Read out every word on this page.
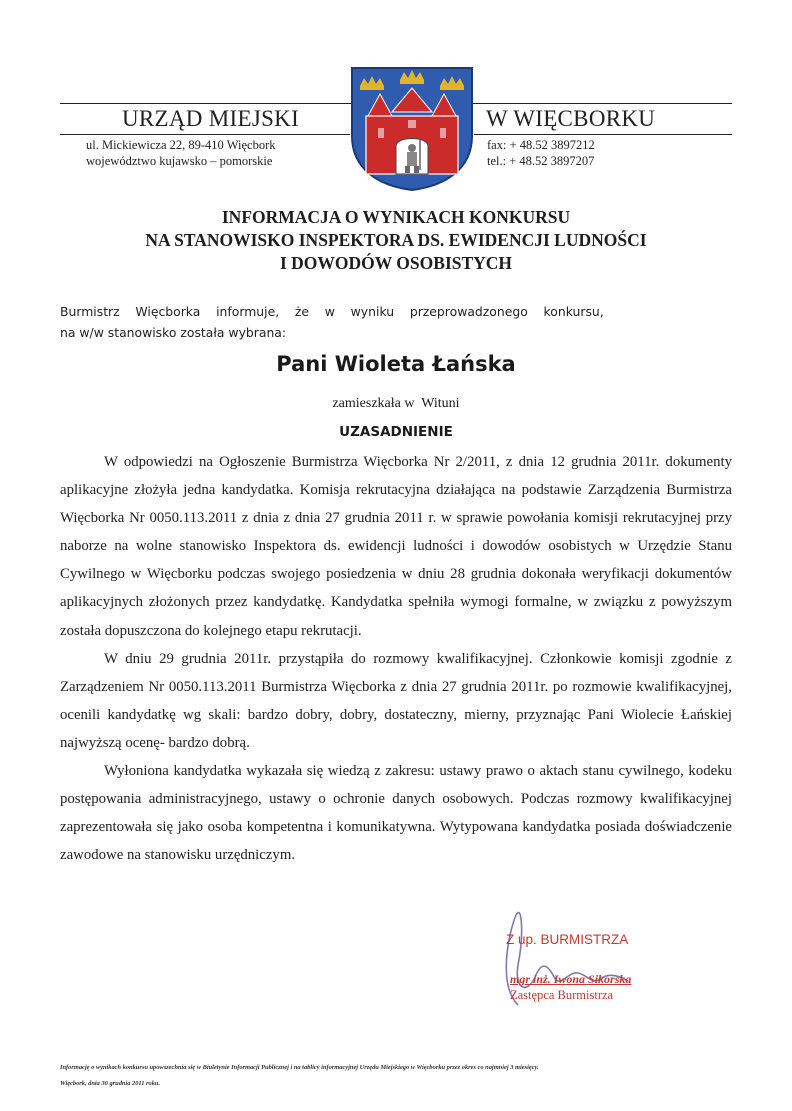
URZĄD MIEJSKI	W WIĘCBORKU
ul. Mickiewicza 22, 89-410 Więcbork
województwo kujawsko – pomorskie
fax: + 48.52 3897212
tel.: + 48.52 3897207
INFORMACJA O WYNIKACH KONKURSU
NA STANOWISKO INSPEKTORA DS. EWIDENCJI LUDNOŚCI
I DOWODÓW OSOBISTYCH
Burmistrz    Więcborka    informuje,    że    w    wyniku    przeprowadzonego    konkursu,
na w/w stanowisko została wybrana:
Pani Wioleta Łańska
zamieszkała w  Wituni
UZASADNIENIE

W odpowiedzi na Ogłoszenie Burmistrza Więcborka Nr 2/2011, z dnia 12 grudnia 2011r. dokumenty aplikacyjne złożyła jedna kandydatka. Komisja rekrutacyjna działająca na podstawie Zarządzenia Burmistrza Więcborka Nr 0050.113.2011 z dnia z dnia 27 grudnia 2011 r. w sprawie powołania komisji rekrutacyjnej przy naborze na wolne stanowisko Inspektora ds. ewidencji ludności i dowodów osobistych w Urzędzie Stanu Cywilnego w Więcborku podczas swojego posiedzenia w dniu 28 grudnia dokonała weryfikacji dokumentów aplikacyjnych złożonych przez kandydatkę. Kandydatka spełniła wymogi formalne, w związku z powyższym została dopuszczona do kolejnego etapu rekrutacji.

W dniu 29 grudnia 2011r. przystąpiła do rozmowy kwalifikacyjnej. Członkowie komisji zgodnie z Zarządzeniem Nr 0050.113.2011 Burmistrza Więcborka z dnia 27 grudnia 2011r. po rozmowie kwalifikacyjnej, ocenili kandydatkę wg skali: bardzo dobry, dobry, dostateczny, mierny, przyznając Pani Wiolecie Łańskiej najwyższą ocenę- bardzo dobrą.

Wyłoniona kandydatka wykazała się wiedzą z zakresu: ustawy prawo o aktach stanu cywilnego, kodeku postępowania administracyjnego, ustawy o ochronie danych osobowych. Podczas rozmowy kwalifikacyjnej zaprezentowała się jako osoba kompetentna i komunikatywna. Wytypowana kandydatka posiada doświadczenie zawodowe na stanowisku urzędniczym.

Z up. BURMISTRZA
mgr inż. Iwona Sikorska
Zastępca Burmistrza
Informację o wynikach konkursu upowszechnia się w Biuletynie Informacji Publicznej i na tablicy informacyjnej Urzędu Miejskiego w Więcborku przez okres co najmniej 3 miesięcy.
Więcbork, dnia 30 grudnia 2011 roku.
